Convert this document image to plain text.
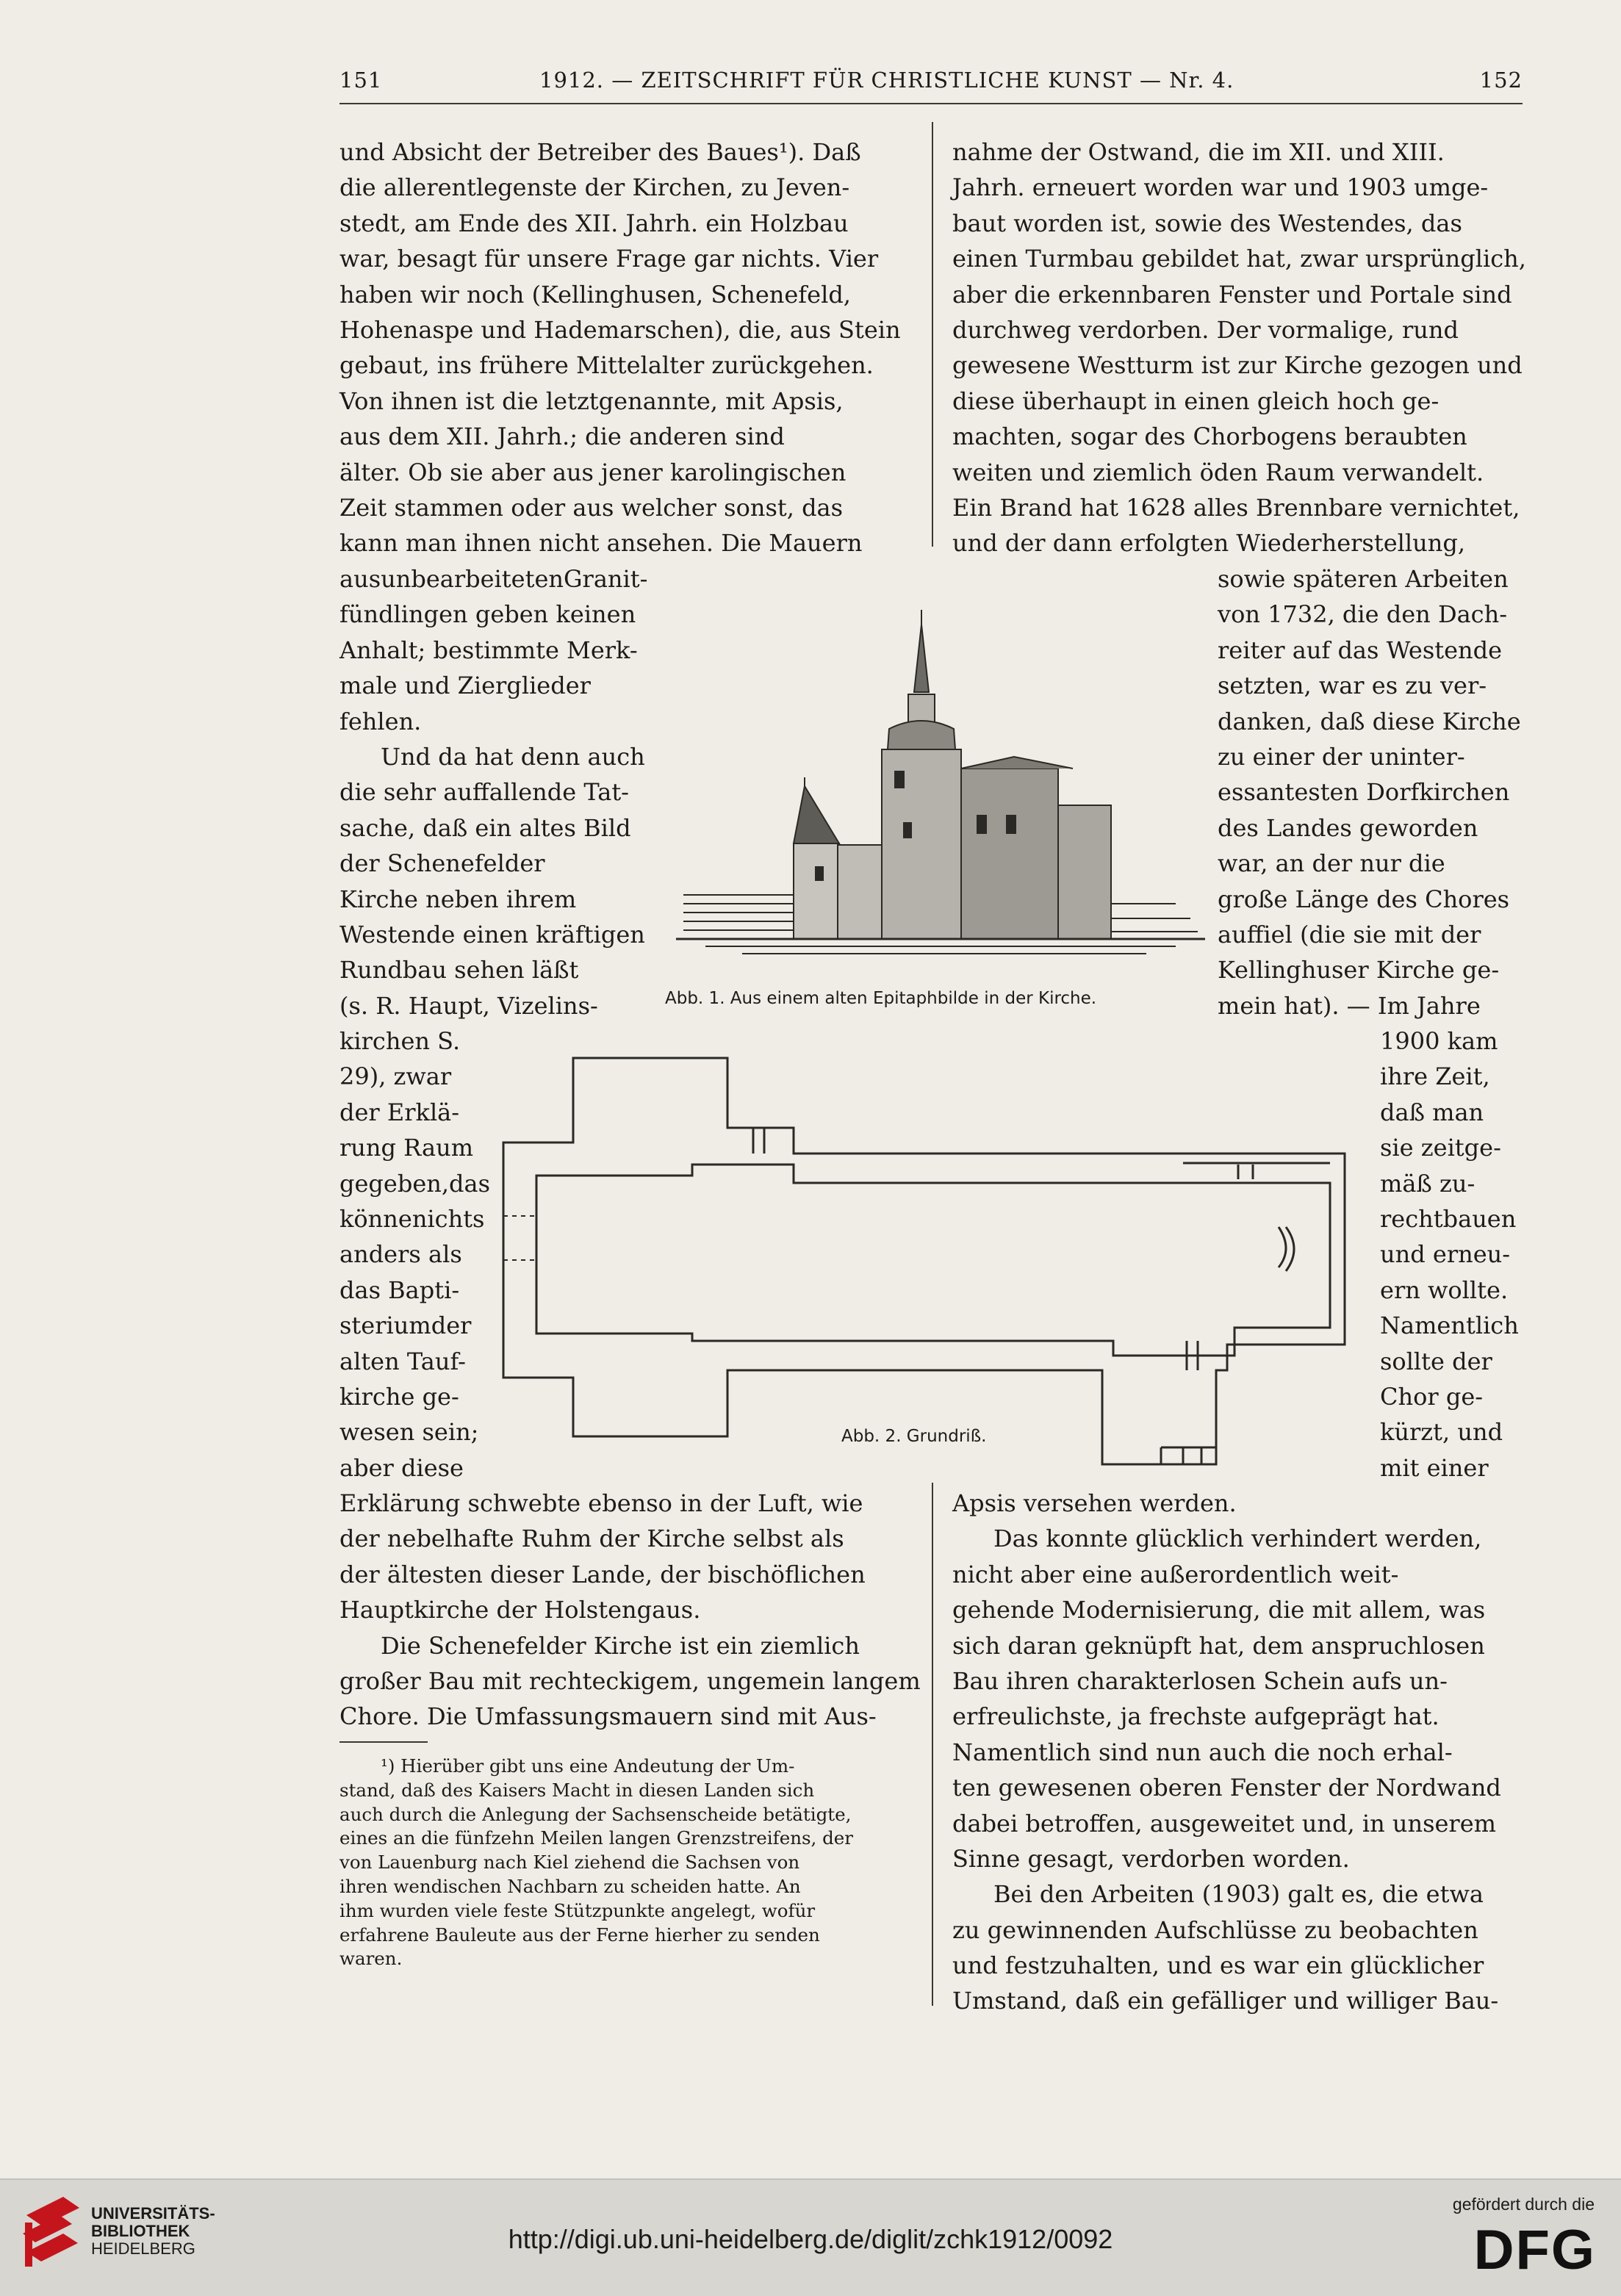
151	1912. — ZEITSCHRIFT FÜR CHRISTLICHE KUNST — Nr. 4.	152
und Absicht der Betreiber des Baues¹). Daß
die allerentlegenste der Kirchen, zu Jeven-
stedt, am Ende des XII. Jahrh. ein Holzbau
war, besagt für unsere Frage gar nichts. Vier
haben wir noch (Kellinghusen, Schenefeld,
Hohenaspe und Hademarschen), die, aus Stein
gebaut, ins frühere Mittelalter zurückgehen.
Von ihnen ist die letztgenannte, mit Apsis,
aus dem XII. Jahrh.; die anderen sind
älter. Ob sie aber aus jener karolingischen
Zeit stammen oder aus welcher sonst, das
kann man ihnen nicht ansehen. Die Mauern
ausunbearbeitetenGranit-
fündlingen geben keinen
Anhalt; bestimmte Merk-
male und Zierglieder
fehlen.
Und da hat denn auch
die sehr auffallende Tat-
sache, daß ein altes Bild
der Schenefelder
Kirche neben ihrem
Westende einen kräftigen
Rundbau sehen läßt
(s. R. Haupt, Vizelins-
kirchen S.
29), zwar
der Erklä-
rung Raum
gegeben,das
könnenichts
anders als
das Bapti-
steriumder
alten Tauf-
kirche ge-
wesen sein;
aber diese
Erklärung schwebte ebenso in der Luft, wie
der nebelhafte Ruhm der Kirche selbst als
der ältesten dieser Lande, der bischöflichen
Hauptkirche der Holstengaus.
Die Schenefelder Kirche ist ein ziemlich
großer Bau mit rechteckigem, ungemein langem
Chore. Die Umfassungsmauern sind mit Aus-
¹) Hierüber gibt uns eine Andeutung der Um-
stand, daß des Kaisers Macht in diesen Landen sich
auch durch die Anlegung der Sachsenscheide betätigte,
eines an die fünfzehn Meilen langen Grenzstreifens, der
von Lauenburg nach Kiel ziehend die Sachsen von
ihren wendischen Nachbarn zu scheiden hatte. An
ihm wurden viele feste Stützpunkte angelegt, wofür
erfahrene Bauleute aus der Ferne hierher zu senden
waren.
nahme der Ostwand, die im XII. und XIII.
Jahrh. erneuert worden war und 1903 umge-
baut worden ist, sowie des Westendes, das
einen Turmbau gebildet hat, zwar ursprünglich,
aber die erkennbaren Fenster und Portale sind
durchweg verdorben. Der vormalige, rund
gewesene Westturm ist zur Kirche gezogen und
diese überhaupt in einen gleich hoch ge-
machten, sogar des Chorbogens beraubten
weiten und ziemlich öden Raum verwandelt.
Ein Brand hat 1628 alles Brennbare vernichtet,
und der dann erfolgten Wiederherstellung,
sowie späteren Arbeiten
von 1732, die den Dach-
reiter auf das Westende
setzten, war es zu ver-
danken, daß diese Kirche
zu einer der uninter-
essantesten Dorfkirchen
des Landes geworden
war, an der nur die
große Länge des Chores
auffiel (die sie mit der
Kellinghuser Kirche ge-
mein hat). — Im Jahre
1900 kam
ihre Zeit,
daß man
sie zeitge-
mäß zu-
rechtbauen
und erneu-
ern wollte.
Namentlich
sollte der
Chor ge-
kürzt, und
mit einer
Apsis versehen werden.
Das konnte glücklich verhindert werden,
nicht aber eine außerordentlich weit-
gehende Modernisierung, die mit allem, was
sich daran geknüpft hat, dem anspruchlosen
Bau ihren charakterlosen Schein aufs un-
erfreulichste, ja frechste aufgeprägt hat.
Namentlich sind nun auch die noch erhal-
ten gewesenen oberen Fenster der Nordwand
dabei betroffen, ausgeweitet und, in unserem
Sinne gesagt, verdorben worden.
Bei den Arbeiten (1903) galt es, die etwa
zu gewinnenden Aufschlüsse zu beobachten
und festzuhalten, und es war ein glücklicher
Umstand, daß ein gefälliger und williger Bau-
Abb. 1. Aus einem alten Epitaphbilde in der Kirche.
Abb. 2. Grundriß.
UNIVERSITÄTS-
BIBLIOTHEK
HEIDELBERG	http://digi.ub.uni-heidelberg.de/diglit/zchk1912/0092
gefördert durch die
DFG
